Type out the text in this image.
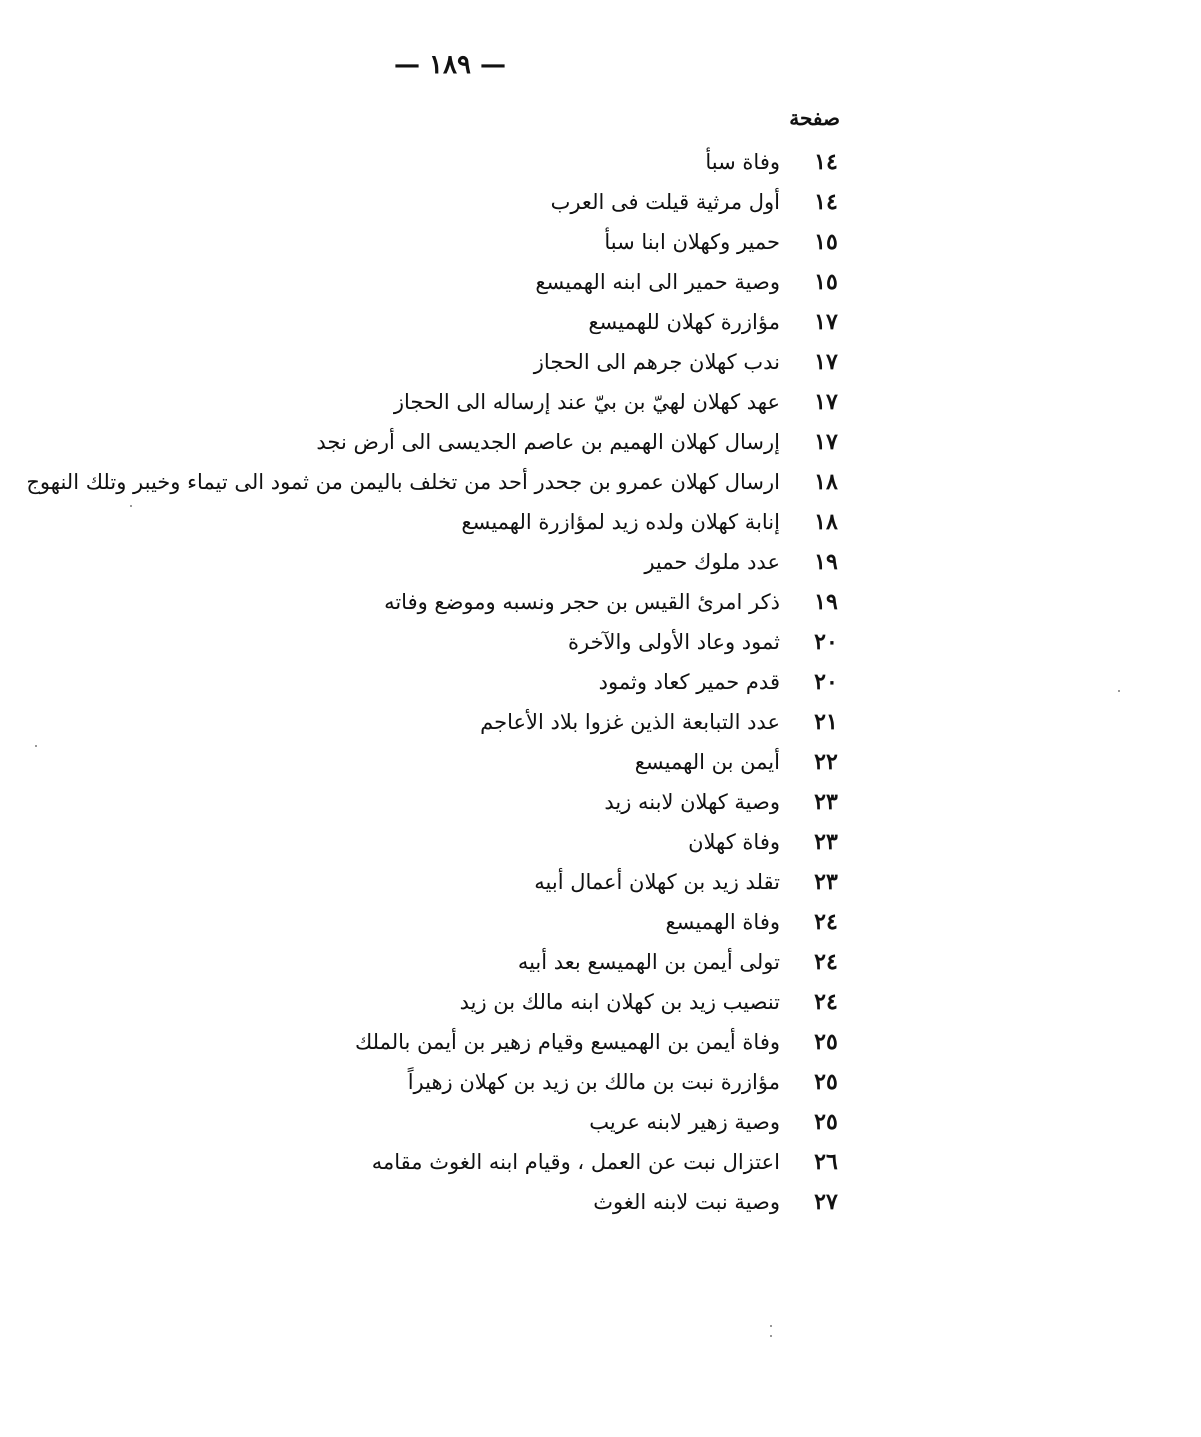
— ١٨٩ —
صفحة
١٤
وفاة سبأ
١٤
أول مرثية قيلت فى العرب
١٥
حمير وكهلان ابنا سبأ
١٥
وصية حمير الى ابنه الهميسع
١٧
مؤازرة كهلان للهميسع
١٧
ندب كهلان جرهم الى الحجاز
١٧
عهد كهلان لهيّ بن بيّ عند إرساله الى الحجاز
١٧
إرسال كهلان الهميم بن عاصم الجديسى الى أرض نجد
١٨
ارسال كهلان عمرو بن جحدر أحد من تخلف باليمن من ثمود الى تيماء وخيبر وتلك النهوج
١٨
إنابة كهلان ولده زيد لمؤازرة الهميسع
١٩
عدد ملوك حمير
١٩
ذكر امرئ القيس بن حجر ونسبه وموضع وفاته
٢٠
ثمود وعاد الأولى والآخرة
٢٠
قدم حمير كعاد وثمود
٢١
عدد التبابعة الذين غزوا بلاد الأعاجم
٢٢
أيمن بن الهميسع
٢٣
وصية كهلان لابنه زيد
٢٣
وفاة كهلان
٢٣
تقلد زيد بن كهلان أعمال أبيه
٢٤
وفاة الهميسع
٢٤
تولى أيمن بن الهميسع بعد أبيه
٢٤
تنصيب زيد بن كهلان ابنه مالك بن زيد
٢٥
وفاة أيمن بن الهميسع وقيام زهير بن أيمن بالملك
٢٥
مؤازرة نبت بن مالك بن زيد بن كهلان زهيراً
٢٥
وصية زهير لابنه عريب
٢٦
اعتزال نبت عن العمل ، وقيام ابنه الغوث مقامه
٢٧
وصية نبت لابنه الغوث
